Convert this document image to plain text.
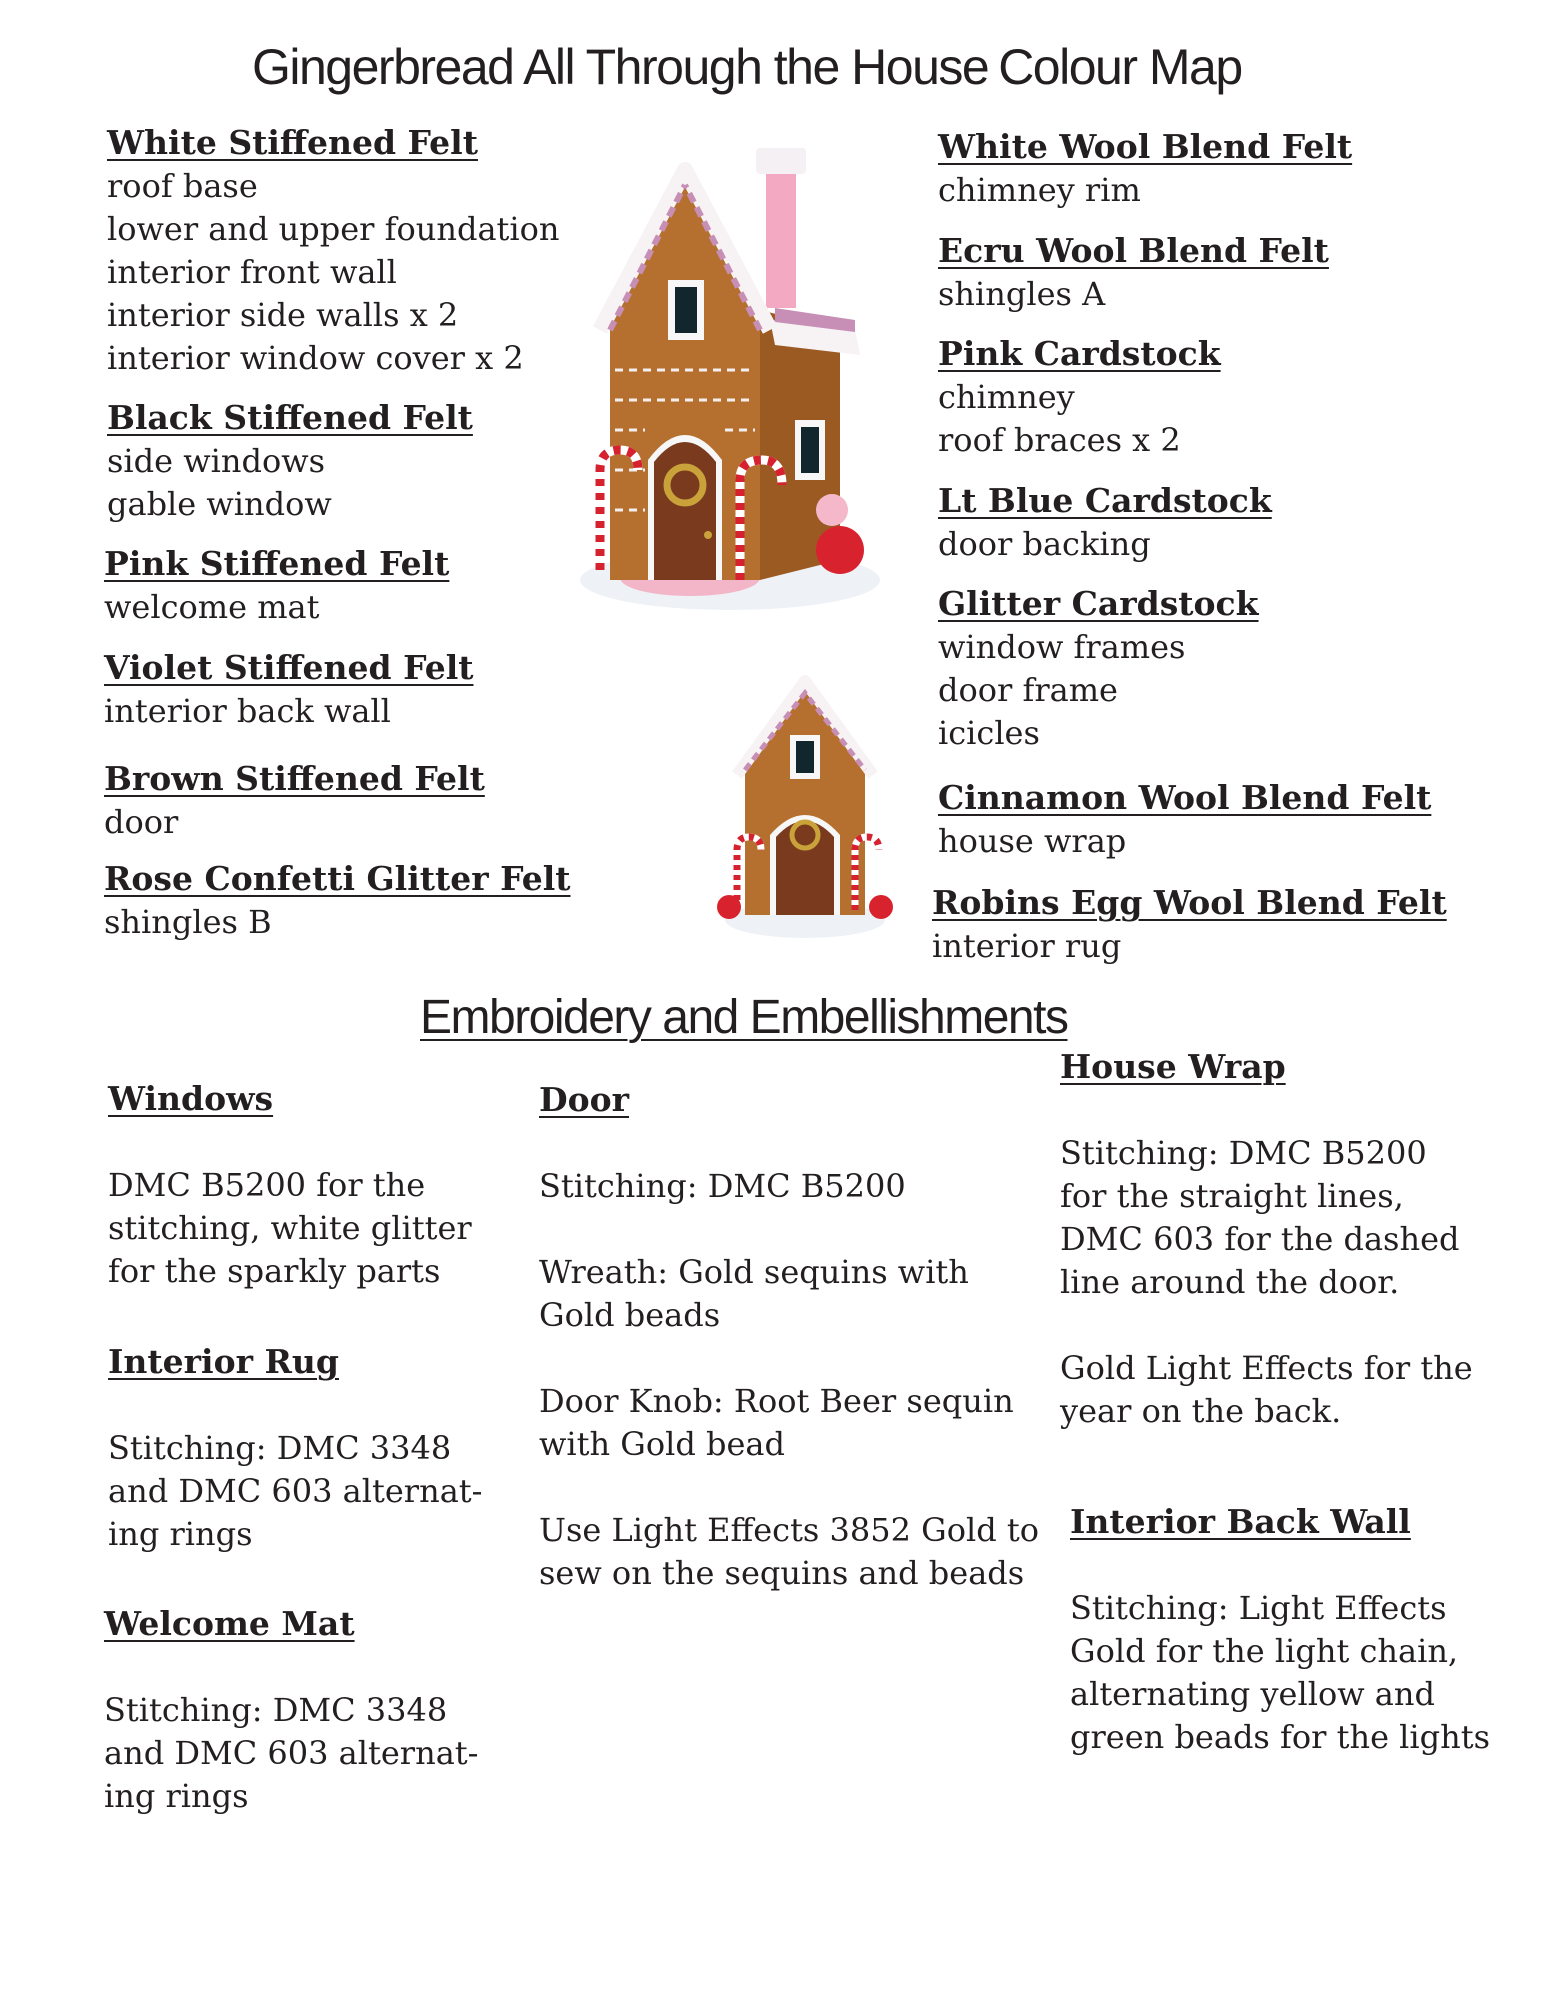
Gingerbread All Through the House Colour Map
White Stiffened Felt
roof base
lower and upper foundation
interior front wall
interior side walls x 2
interior window cover x 2
Black Stiffened Felt
side windows
gable window
Pink Stiffened Felt
welcome mat
Violet Stiffened Felt
interior back wall
Brown Stiffened Felt
door
Rose Confetti Glitter Felt
shingles B
White Wool Blend Felt
chimney rim
Ecru Wool Blend Felt
shingles A
Pink Cardstock
chimney
roof braces x 2
Lt Blue Cardstock
door backing
Glitter Cardstock
window frames
door frame
icicles
Cinnamon Wool Blend Felt
house wrap
Robins Egg Wool Blend Felt
interior rug
Embroidery and Embellishments
Windows

DMC B5200 for the stitching, white glitter for the sparkly parts

Interior Rug

Stitching: DMC 3348 and DMC 603 alternat-ing rings

Welcome Mat

Stitching: DMC 3348 and DMC 603 alternat-ing rings

Door

Stitching: DMC B5200

Wreath: Gold sequins with Gold beads

Door Knob: Root Beer sequin with Gold bead

Use Light Effects 3852 Gold to sew on the sequins and beads

House Wrap

Stitching: DMC B5200 for the straight lines, DMC 603 for the dashed line around the door.

Gold Light Effects for the year on the back.

Interior Back Wall

Stitching: Light Effects Gold for the light chain, alternating yellow and green beads for the lights
